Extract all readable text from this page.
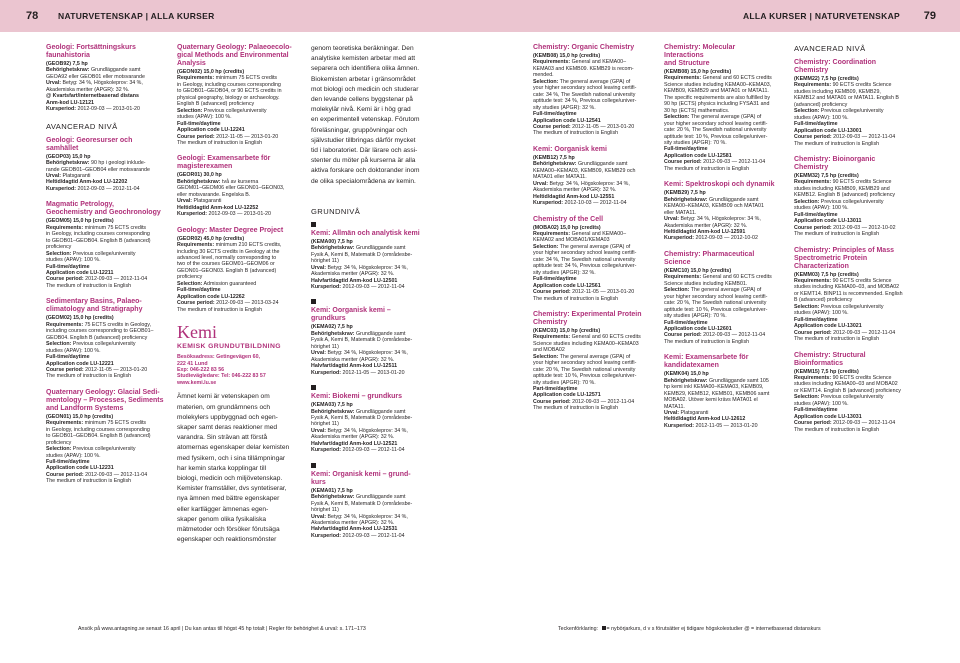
78 NATURVETENSKAP | ALLA KURSER	ALLA KURSER | NATURVETENSKAP 79
Geologi: Fortsättningskurs
faunahistoria
(GEOB92) 7,5 hp
Behörighetskrav: Grundläggande samt
GEOA92 eller GEOB01 eller motsvarande
Urval: Betyg: 34 %, Högskoleprov: 34 %,
Akademiska meriter (APGR): 32 %.
@ Kvartsfart/internetbaserad distans
Anm-kod LU-12121
Kursperiod: 2012-09-03 — 2013-01-20
AVANCERAD NIVÅ
Geologi: Georesurser och
samhället
(GEOP03) 15,0 hp
Behörighetskrav: 90 hp i geologi inklude-
rande GEOB01–GEOB04 eller motsvarande
Urval: Platsgaranti
Heltid/dagtid Anm-kod LU-12202
Kursperiod: 2012-09-03 — 2012-11-04
Magmatic Petrology,
Geochemistry and Geochronology
(GEOM05) 15,0 hp (credits)
Requirements: minimum 75 ECTS credits
in Geology, including courses corresponding
to GEOB01–GEOB04. English B (advanced)
proficiency
Selection: Previous college/university
studies (APAV): 100 %.
Full-time/daytime
Application code LU-12211
Course period: 2012-09-03 — 2012-11-04
The medium of instruction is English
Sedimentary Basins, Palaeo-
climatology and Stratigraphy
(GEOM02) 15,0 hp (credits)
Requirements: 75 ECTS credits in Geology,
including courses corresponding to GEOB01–
GEOB04. English B (advanced) proficiency
Selection: Previous college/university
studies (APAV): 100 %.
Full-time/daytime
Application code LU-12221
Course period: 2012-11-05 — 2013-01-20
The medium of instruction is English
Quaternary Geology: Glacial Sedi-
mentology – Processes, Sediments
and Landform Systems
(GEON01) 15,0 hp (credits)
Requirements: minimum 75 ECTS credits
in Geology, including courses corresponding
to GEOB01–GEOB04. English B (advanced)
proficiency
Selection: Previous college/university
studies (APAV): 100 %.
Full-time/daytime
Application code LU-12231
Course period: 2012-09-03 — 2012-11-04
The medium of instruction is English
Quaternary Geology: Palaeoecolo-
gical Methods and Environmental
Analysis
(GEON02) 15,0 hp (credits)
Requirements: minimum 75 ECTS credits
in Geology, including courses corresponding
to GEOB01–GEOB04, or 90 ECTS credits in
physical geography, biology or archaeology.
English B (advanced) proficiency
Selection: Previous college/university
studies (APAV): 100 %.
Full-time/daytime
Application code LU-12241
Course period: 2012-11-05 — 2013-01-20
The medium of instruction is English
Geologi: Examensarbete för
magisterexamen
(GEOR01) 30,0 hp
Behörighetskrav: två av kurserna
GEOM01–GEOM06 eller GEON01–GEON03,
eller motsvarande. Engelska B.
Urval: Platsgaranti
Heltid/dagtid Anm-kod LU-12252
Kursperiod: 2012-09-03 — 2013-01-20
Geology: Master Degree Project
(GEOR02) 45,0 hp (credits)
Requirements: minimum 210 ECTS credits,
including 30 ECTS credits in Geology at the
advanced level, normally corresponding to
two of the courses GEOM01–GEOM06 or
GEON01–GEON03. English B (advanced)
proficiency
Selection: Admission guaranteed
Full-time/daytime
Application code LU-12262
Course period: 2012-09-03 — 2013-03-24
The medium of instruction is English
Kemi
KEMISK GRUNDUTBILDNING
Besöksadress: Getingevägen 60,
222 41 Lund
Exp: 046-222 83 56
Studievägledare: Tel: 046-222 83 57
www.kemi.lu.se
Ämnet kemi är vetenskapen om
materien, om grundämnens och
molekylers uppbyggnad och egen-
skaper samt deras reaktioner med
varandra. Sin strävan att förstå
atomernas egenskaper delar kemisten
med fysikern, och i sina tillämpningar
har kemin starka kopplingar till
biologi, medicin och miljövetenskap.
Kemister framställer, dvs syntetiserar,
nya ämnen med bättre egenskaper
eller kartlägger ämnenas egen-
skaper genom olika fysikaliska
mätmetoder och försöker förutsäga
egenskaper och reaktionsmönster
genom teoretiska beräkningar. Den
analytiske kemisten arbetar med att
separera och identifiera olika ämnen.
Biokemisten arbetar i gränsområdet
mot biologi och medicin och studerar
den levande cellens byggstenar på
molekylär nivå. Kemi är i hög grad
en experimentell vetenskap. Förutom
föreläsningar, gruppövningar och
självstudier tillbringas därför mycket
tid i laboratoriet. Där lärare och assi-
stenter du möter på kurserna är alla
aktiva forskare och doktorander inom
de olika specialområdena av kemin.
GRUNDNIVÅ
Kemi: Allmän och analytisk kemi
(KEMA00) 7,5 hp
Behörighetskrav: Grundläggande samt
Fysik A, Kemi B, Matematik D (områdesbe-
hörighet 11)
Urval: Betyg: 34 %, Högskoleprov: 34 %,
Akademiska meriter (APGR): 32 %.
Halvfart/dagtid Anm-kod LU-12501
Kursperiod: 2012-09-03 — 2012-11-04
Kemi: Oorganisk kemi –
grundkurs
(KEMA02) 7,5 hp
Behörighetskrav: Grundläggande samt
Fysik A, Kemi B, Matematik D (områdesbe-
hörighet 11)
Urval: Betyg: 34 %, Högskoleprov: 34 %,
Akademiska meriter (APGR): 32 %.
Halvfart/dagtid Anm-kod LU-12511
Kursperiod: 2012-11-05 — 2013-01-20
Kemi: Biokemi – grundkurs
(KEMA03) 7,5 hp
Behörighetskrav: Grundläggande samt
Fysik A, Kemi B, Matematik D (områdesbe-
hörighet 11)
Urval: Betyg: 34 %, Högskoleprov: 34 %,
Akademiska meriter (APGR): 32 %.
Halvfart/dagtid Anm-kod LU-12521
Kursperiod: 2012-09-03 — 2012-11-04
Kemi: Organisk kemi – grund-
kurs
(KEMA01) 7,5 hp
Behörighetskrav: Grundläggande samt
Fysik A, Kemi B, Matematik D (områdesbe-
hörighet 11)
Urval: Betyg: 34 %, Högskoleprov: 34 %,
Akademiska meriter (APGR): 32 %.
Halvfart/dagtid Anm-kod LU-12531
Kursperiod: 2012-09-03 — 2012-11-04
Chemistry: Organic Chemistry
(KEMB08) 15,0 hp (credits)
Requirements: General and KEMA00–
KEMA03 and KEMB09. KEMB29 is recom-
mended.
Selection: The general average (GPA) of
your higher secondary school leaving certifi-
cate: 34 %, The Swedish national university
aptitude test: 34 %, Previous college/univer-
sity studies (APGR): 32 %.
Full-time/daytime
Application code LU-12541
Course period: 2012-11-05 — 2013-01-20
The medium of instruction is English
Kemi: Oorganisk kemi
(KEMB12) 7,5 hp
Behörighetskrav: Grundläggande samt
KEMA00–KEMA03, KEMB09, KEMB29 och
MATA01 eller MATA11.
Urval: Betyg: 34 %, Högskoleprov: 34 %,
Akademiska meriter (APGR): 32 %.
Heltid/dagtid Anm-kod LU-12551
Kursperiod: 2012-10-03 — 2012-11-04
Chemistry of the Cell
(MOBA02) 15,0 hp (credits)
Requirements: General and KEMA00–
KEMA02 and MOBA01/KEMA03
Selection: The general average (GPA) of
your higher secondary school leaving certifi-
cate: 34 %, The Swedish national university
aptitude test: 34 %, Previous college/univer-
sity studies (APGR): 32 %.
Full-time/daytime
Application code LU-12561
Course period: 2012-11-05 — 2013-01-20
The medium of instruction is English
Chemistry: Experimental Protein
Chemistry
(KEMC03) 15,0 hp (credits)
Requirements: General and 60 ECTS credits
Science studies including KEMA00–KEMA03
and MOBA02
Selection: The general average (GPA) of
your higher secondary school leaving certifi-
cate: 20 %, The Swedish national university
aptitude test: 10 %, Previous college/univer-
sity studies (APGR): 70 %.
Part-time/daytime
Application code LU-12571
Course period: 2012-09-03 — 2012-11-04
The medium of instruction is English
Chemistry: Molecular Interactions
and Structure
(KEMB08) 15,0 hp (credits)
Requirements: General and 60 ECTS credits
Science studies including KEMA00–KEMA03,
KEMB09, KEMB29 and MATA01 or MATA11.
The specific requirements are also fulfilled by
90 hp (ECTS) physics including FYSA31 and
30 hp (ECTS) mathematics.
Selection: The general average (GPA) of
your higher secondary school leaving certifi-
cate: 20 %, The Swedish national university
aptitude test: 10 %, Previous college/univer-
sity studies (APGR): 70 %.
Full-time/daytime
Application code LU-12581
Course period: 2012-09-03 — 2012-11-04
The medium of instruction is English
Kemi: Spektroskopi och dynamik
(KEMB29) 7,5 hp
Behörighetskrav: Grundläggande samt
KEMA00–KEMA03, KEMB09 och MATA01
eller MATA11.
Urval: Betyg: 34 %, Högskoleprov: 34 %,
Akademiska meriter (APGR): 32 %.
Heltid/dagtid Anm-kod LU-12591
Kursperiod: 2012-09-03 — 2012-10-02
Chemistry: Pharmaceutical Science
(KEMC10) 15,0 hp (credits)
Requirements: General and 60 ECTS credits
Science studies including KEMB01.
Selection: The general average (GPA) of
your higher secondary school leaving certifi-
cate: 20 %, The Swedish national university
aptitude test: 10 %, Previous college/univer-
sity studies (APGR): 70 %.
Full-time/daytime
Application code LU-12601
Course period: 2012-09-03 — 2012-11-04
The medium of instruction is English
Kemi: Examensarbete för
kandidatexamen
(KEMK04) 15,0 hp
Behörighetskrav: Grundläggande samt 105
hp kemi inkl KEMA00–KEMA03, KEMB09,
KEMB29, KEMB12, KEMB01, KEMB06 samt
MOBA02. Utöver kemi krävs MATA01 el
MATA11.
Urval: Platsgaranti
Heltid/dagtid Anm-kod LU-12612
Kursperiod: 2012-11-05 — 2013-01-20
AVANCERAD NIVÅ
Chemistry: Coordination
Chemistry
(KEMM22) 7,5 hp (credits)
Requirements: 90 ECTS credits Science
studies including KEMB09, KEMB29,
KEMB12 and MATA01 or MATA11. English B
(advanced) proficiency
Selection: Previous college/university
studies (APAV): 100 %.
Full-time/daytime
Application code LU-13001
Course period: 2012-09-03 — 2012-11-04
The medium of instruction is English
Chemistry: Bioinorganic Chemistry
(KEMM32) 7,5 hp (credits)
Requirements: 90 ECTS credits Science
studies including KEMB09, KEMB29 and
KEMB12. English B (advanced) proficiency
Selection: Previous college/university
studies (APAV): 100 %.
Full-time/daytime
Application code LU-13011
Course period: 2012-09-03 — 2012-10-02
The medium of instruction is English
Chemistry: Principles of Mass
Spectrometric Protein
Characterization
(KEMM03) 7,5 hp (credits)
Requirements: 90 ECTS credits Science
studies including KEMA00–03, and MOBA02
or KEMT14. BINP11 is recommended. English
B (advanced) proficiency
Selection: Previous college/university
studies (APAV): 100 %.
Full-time/daytime
Application code LU-13021
Course period: 2012-09-03 — 2012-11-04
The medium of instruction is English
Chemistry: Structural
Bioinformatics
(KEMM15) 7,5 hp (credits)
Requirements: 90 ECTS credits Science
studies including KEMA00–03 and MOBA02
or KEMT14. English B (advanced) proficiency
Selection: Previous college/university
studies (APAV): 100 %.
Full-time/daytime
Application code LU-13031
Course period: 2012-09-03 — 2012-11-04
The medium of instruction is English
Ansök på www.antagning.se senast 16 april | Du kan antas till högst 45 hp totalt | Regler för behörighet & urval: s. 171–173	Teckenförklaring: = nybörjarkurs, d v s förutsätter ej tidigare högskolestudier @ = internetbaserad distanskurs
